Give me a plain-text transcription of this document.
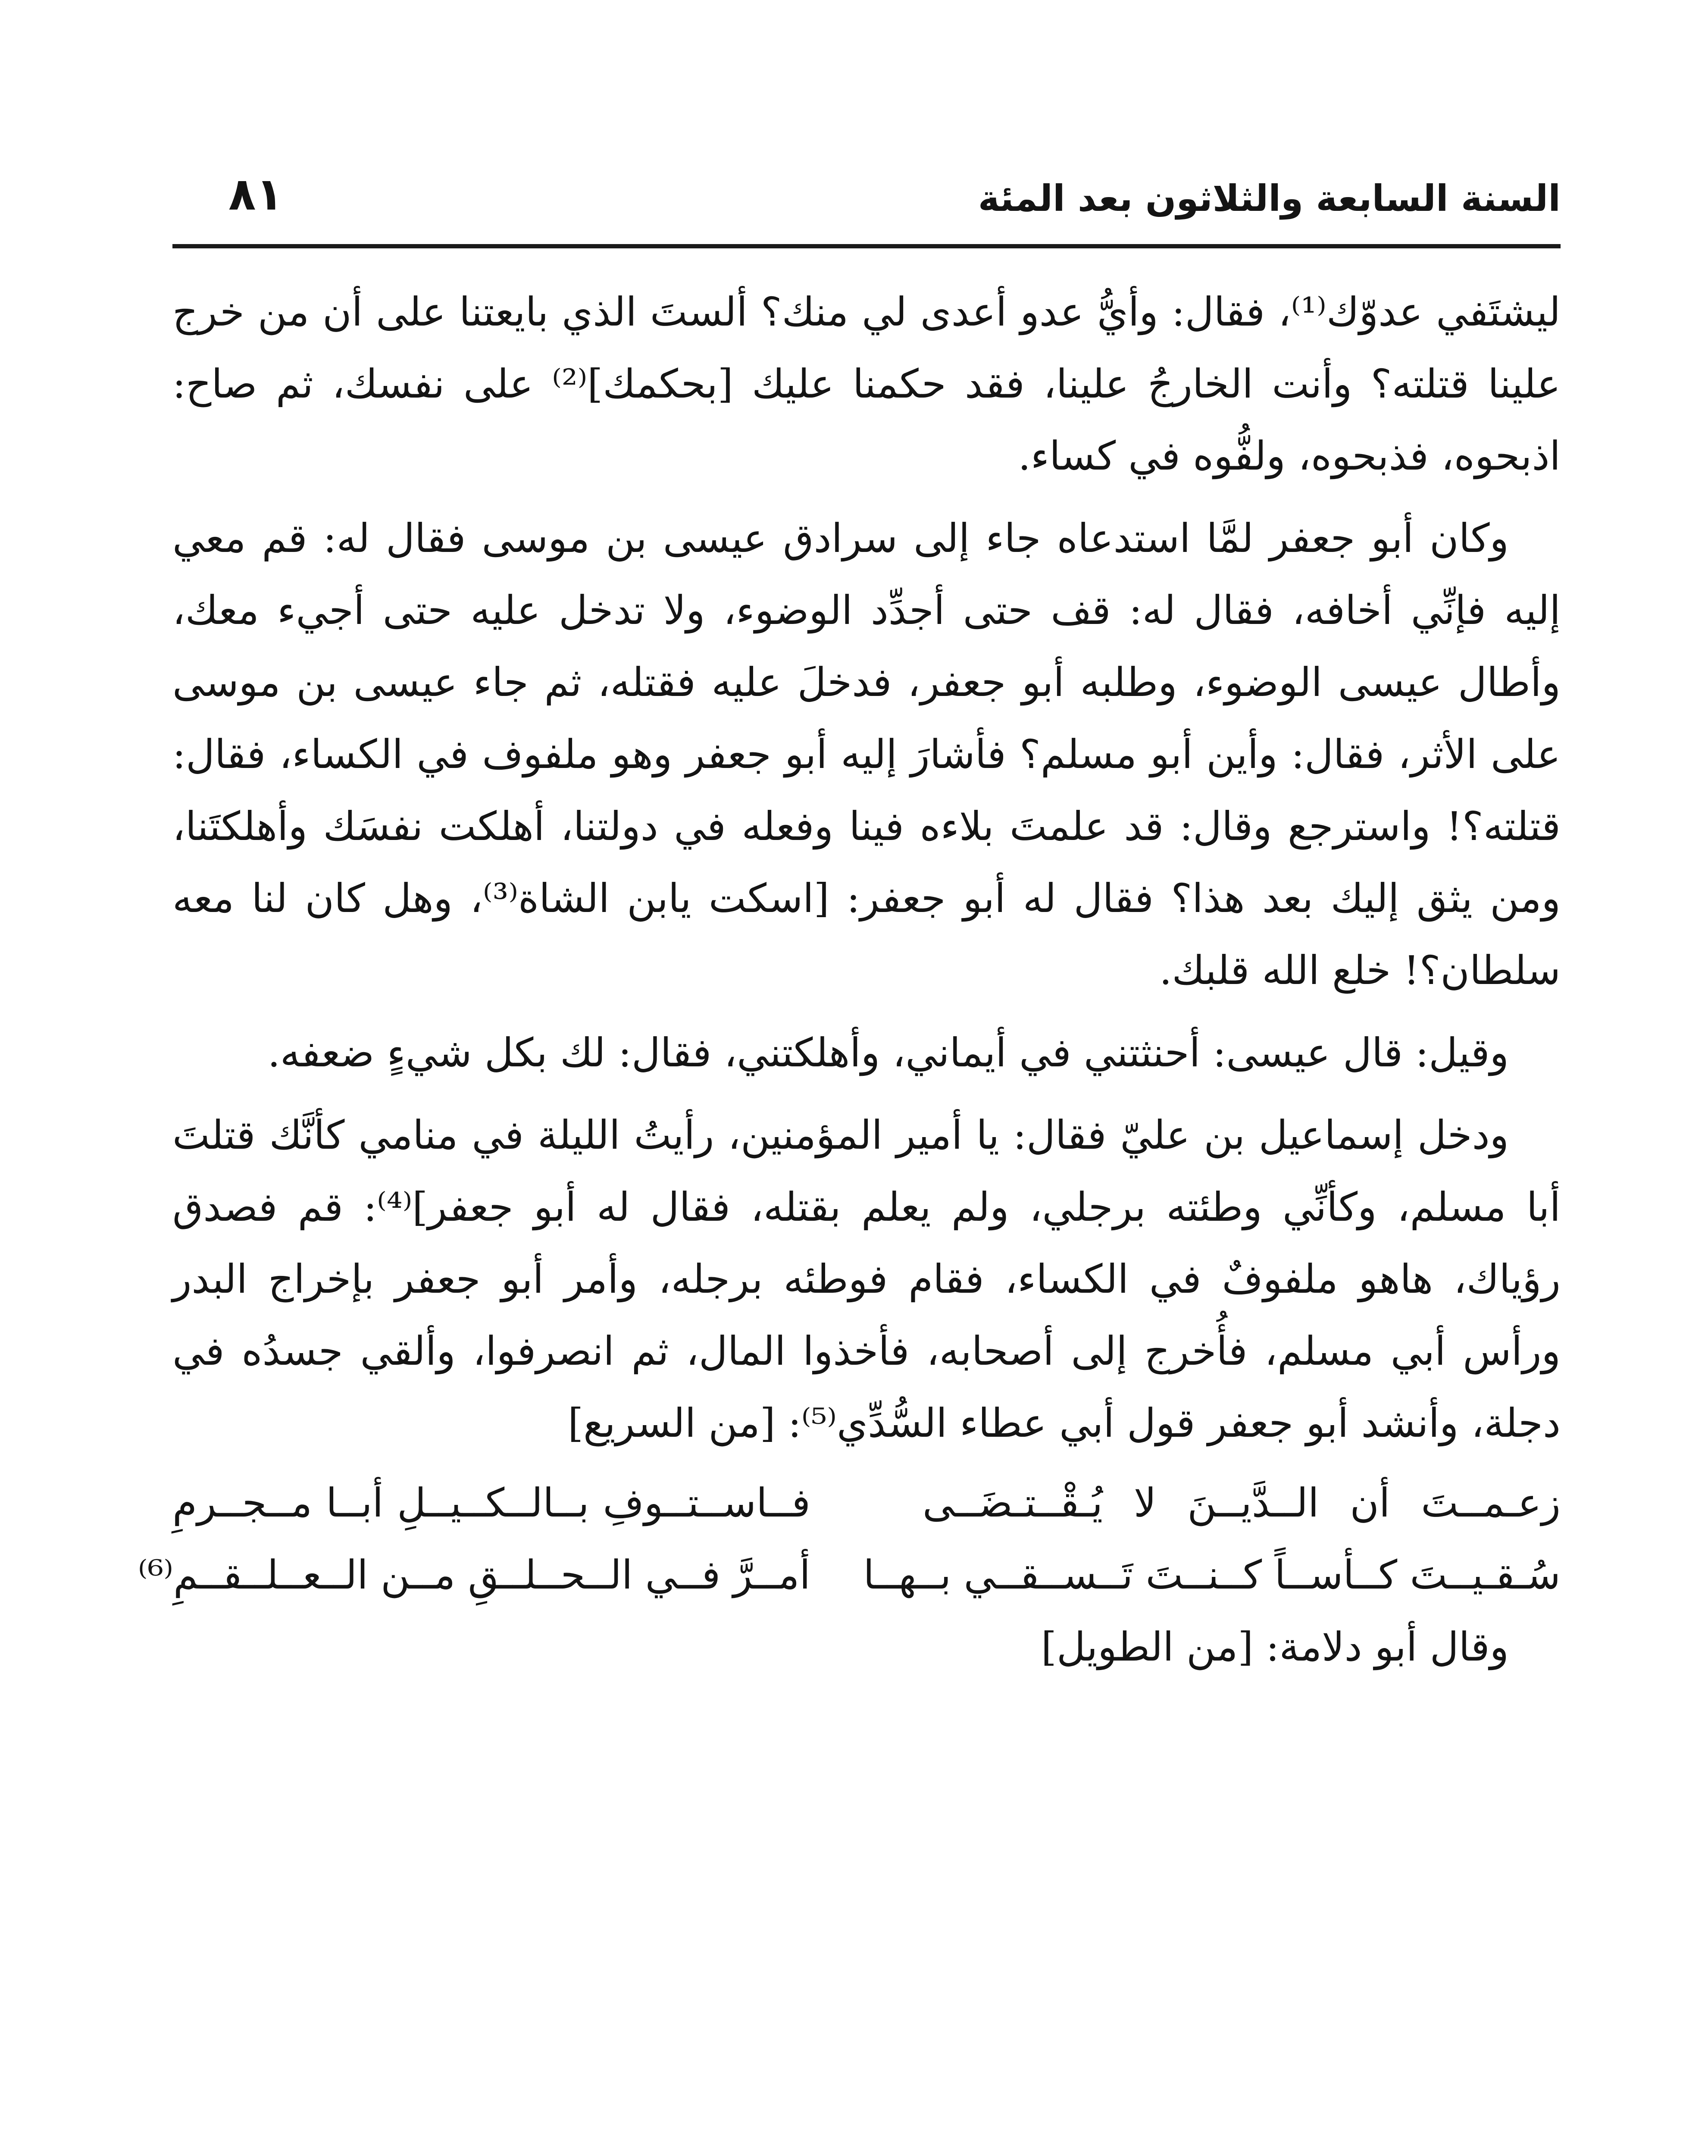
السنة السابعة والثلاثون بعد المئة
٨١

ليشتَفي عدوّك⁽¹⁾، فقال: وأيُّ عدو أعدى لي منك؟ ألستَ الذي بايعتنا على أن من خرج علينا قتلته؟ وأنت الخارجُ علينا، فقد حكمنا عليك [بحكمك]⁽²⁾ على نفسك، ثم صاح: اذبحوه، فذبحوه، ولفُّوه في كساء.

وكان أبو جعفر لمَّا استدعاه جاء إلى سرادق عيسى بن موسى فقال له: قم معي إليه فإنِّي أخافه، فقال له: قف حتى أجدِّد الوضوء، ولا تدخل عليه حتى أجيء معك، وأطال عيسى الوضوء، وطلبه أبو جعفر، فدخلَ عليه فقتله، ثم جاء عيسى بن موسى على الأثر، فقال: وأين أبو مسلم؟ فأشارَ إليه أبو جعفر وهو ملفوف في الكساء، فقال: قتلته؟! واسترجع وقال: قد علمتَ بلاءه فينا وفعله في دولتنا، أهلكت نفسَك وأهلكتَنا، ومن يثق إليك بعد هذا؟ فقال له أبو جعفر: [اسكت يابن الشاة⁽³⁾، وهل كان لنا معه سلطان؟! خلع الله قلبك.

وقيل: قال عيسى: أحنثتني في أيماني، وأهلكتني، فقال: لك بكل شيءٍ ضعفه.

ودخل إسماعيل بن عليّ فقال: يا أمير المؤمنين، رأيتُ الليلة في منامي كأنَّك قتلتَ أبا مسلم، وكأنِّي وطئته برجلي، ولم يعلم بقتله، فقال له أبو جعفر]⁽⁴⁾: قم فصدق رؤياك، هاهو ملفوفٌ في الكساء، فقام فوطئه برجله، وأمر أبو جعفر بإخراج البدر ورأس أبي مسلم، فأُخرج إلى أصحابه، فأخذوا المال، ثم انصرفوا، وألقي جسدُه في دجلة، وأنشد أبو جعفر قول أبي عطاء السُّدِّي⁽⁵⁾: [من السريع]

زعـمــتَ أن الــدَّيــنَ لا يُـقْــتـضَــى
فــاســتــوفِ بــالــكــيــلِ أبــا مــجــرمِ
سُـقـيــتَ كــأســاً كــنــتَ تَــســقــي بــهــا
أمــرَّ فــي الــحــلــقِ مــن الــعــلــقــمِ⁽⁶⁾

وقال أبو دلامة: [من الطويل]
